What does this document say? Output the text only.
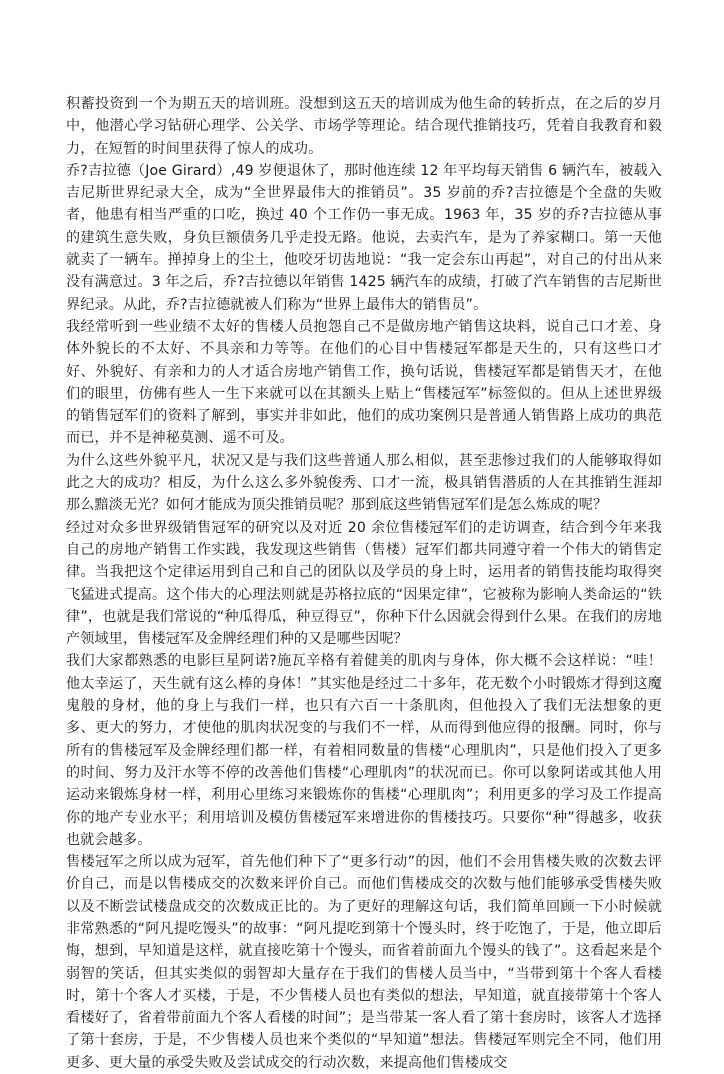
积蓄投资到一个为期五天的培训班。没想到这五天的培训成为他生命的转折点，在之后的岁月中，他潜心学习钻研心理学、公关学、市场学等理论。结合现代推销技巧，凭着自我教育和毅力，在短暂的时间里获得了惊人的成功。

乔?吉拉德（Joe Girard）,49 岁便退休了，那时他连续 12 年平均每天销售 6 辆汽车，被载入吉尼斯世界纪录大全，成为“全世界最伟大的推销员”。35 岁前的乔?吉拉德是个全盘的失败者，他患有相当严重的口吃，换过 40 个工作仍一事无成。1963 年，35 岁的乔?吉拉德从事的建筑生意失败，身负巨额债务几乎走投无路。他说，去卖汽车，是为了养家糊口。第一天他就卖了一辆车。掸掉身上的尘土，他咬牙切齿地说：“我一定会东山再起”，对自己的付出从来没有满意过。3 年之后，乔?吉拉德以年销售 1425 辆汽车的成绩，打破了汽车销售的吉尼斯世界纪录。从此，乔?吉拉德就被人们称为“世界上最伟大的销售员”。

我经常听到一些业绩不太好的售楼人员抱怨自己不是做房地产销售这块料，说自己口才差、身体外貌长的不太好、不具亲和力等等。在他们的心目中售楼冠军都是天生的，只有这些口才好、外貌好、有亲和力的人才适合房地产销售工作，换句话说，售楼冠军都是销售天才，在他们的眼里，仿佛有些人一生下来就可以在其额头上贴上“售楼冠军”标签似的。但从上述世界级的销售冠军们的资料了解到，事实并非如此，他们的成功案例只是普通人销售路上成功的典范而已，并不是神秘莫测、遥不可及。

为什么这些外貌平凡，状况又是与我们这些普通人那么相似，甚至悲惨过我们的人能够取得如此之大的成功？相反，为什么这么多外貌俊秀、口才一流，极具销售潜质的人在其推销生涯却那么黯淡无光？如何才能成为顶尖推销员呢？那到底这些销售冠军们是怎么炼成的呢？

经过对众多世界级销售冠军的研究以及对近 20 余位售楼冠军们的走访调查，结合到今年来我自己的房地产销售工作实践，我发现这些销售（售楼）冠军们都共同遵守着一个伟大的销售定律。当我把这个定律运用到自己和自己的团队以及学员的身上时，运用者的销售技能均取得突飞猛进式提高。这个伟大的心理法则就是苏格拉底的“因果定律”，它被称为影响人类命运的“铁律”，也就是我们常说的“种瓜得瓜，种豆得豆”，你种下什么因就会得到什么果。在我们的房地产领域里，售楼冠军及金牌经理们种的又是哪些因呢？

我们大家都熟悉的电影巨星阿诺?施瓦辛格有着健美的肌肉与身体，你大概不会这样说：“哇！他太幸运了，天生就有这么棒的身体！”其实他是经过二十多年，花无数个小时锻炼才得到这魔鬼般的身材，他的身上与我们一样，也只有六百一十条肌肉，但他投入了我们无法想象的更多、更大的努力，才使他的肌肉状况变的与我们不一样，从而得到他应得的报酬。同时，你与所有的售楼冠军及金牌经理们都一样，有着相同数量的售楼“心理肌肉”，只是他们投入了更多的时间、努力及汗水等不停的改善他们售楼“心理肌肉”的状况而已。你可以象阿诺或其他人用运动来锻炼身材一样，利用心里练习来锻炼你的售楼“心理肌肉”；利用更多的学习及工作提高你的地产专业水平；利用培训及模仿售楼冠军来增进你的售楼技巧。只要你“种”得越多，收获也就会越多。

售楼冠军之所以成为冠军，首先他们种下了“更多行动”的因，他们不会用售楼失败的次数去评价自己，而是以售楼成交的次数来评价自己。而他们售楼成交的次数与他们能够承受售楼失败以及不断尝试楼盘成交的次数成正比的。为了更好的理解这句话，我们简单回顾一下小时候就非常熟悉的“阿凡提吃馒头”的故事：“阿凡提吃到第十个馒头时，终于吃饱了，于是，他立即后悔，想到，早知道是这样，就直接吃第十个馒头，而省着前面九个馒头的钱了”。这看起来是个弱智的笑话，但其实类似的弱智却大量存在于我们的售楼人员当中，“当带到第十个客人看楼时，第十个客人才买楼，于是，不少售楼人员也有类似的想法，早知道，就直接带第十个客人看楼好了，省着带前面九个客人看楼的时间”；是当带某一客人看了第十套房时，该客人才选择了第十套房，于是，不少售楼人员也来个类似的“早知道”想法。售楼冠军则完全不同，他们用更多、更大量的承受失败及尝试成交的行动次数，来提高他们售楼成交
